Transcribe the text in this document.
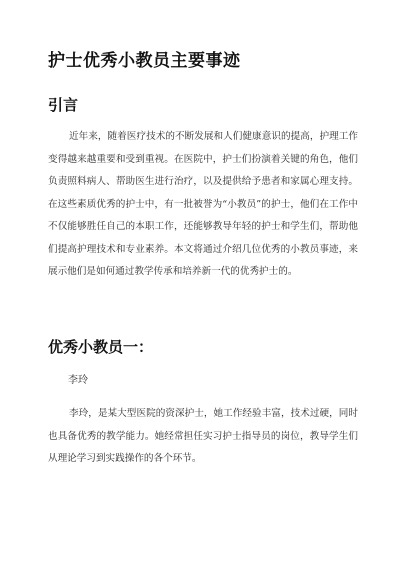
护士优秀小教员主要事迹
引言

近年来，随着医疗技术的不断发展和人们健康意识的提高，护理工作变得越来越重要和受到重视。在医院中，护士们扮演着关键的角色，他们负责照料病人、帮助医生进行治疗，以及提供给予患者和家属心理支持。在这些素质优秀的护士中，有一批被誉为“小教员”的护士，他们在工作中不仅能够胜任自己的本职工作，还能够教导年轻的护士和学生们，帮助他们提高护理技术和专业素养。本文将通过介绍几位优秀的小教员事迹，来展示他们是如何通过教学传承和培养新一代的优秀护士的。

优秀小教员一：

李玲

李玲，是某大型医院的资深护士，她工作经验丰富，技术过硬，同时也具备优秀的教学能力。她经常担任实习护士指导员的岗位，教导学生们从理论学习到实践操作的各个环节。
